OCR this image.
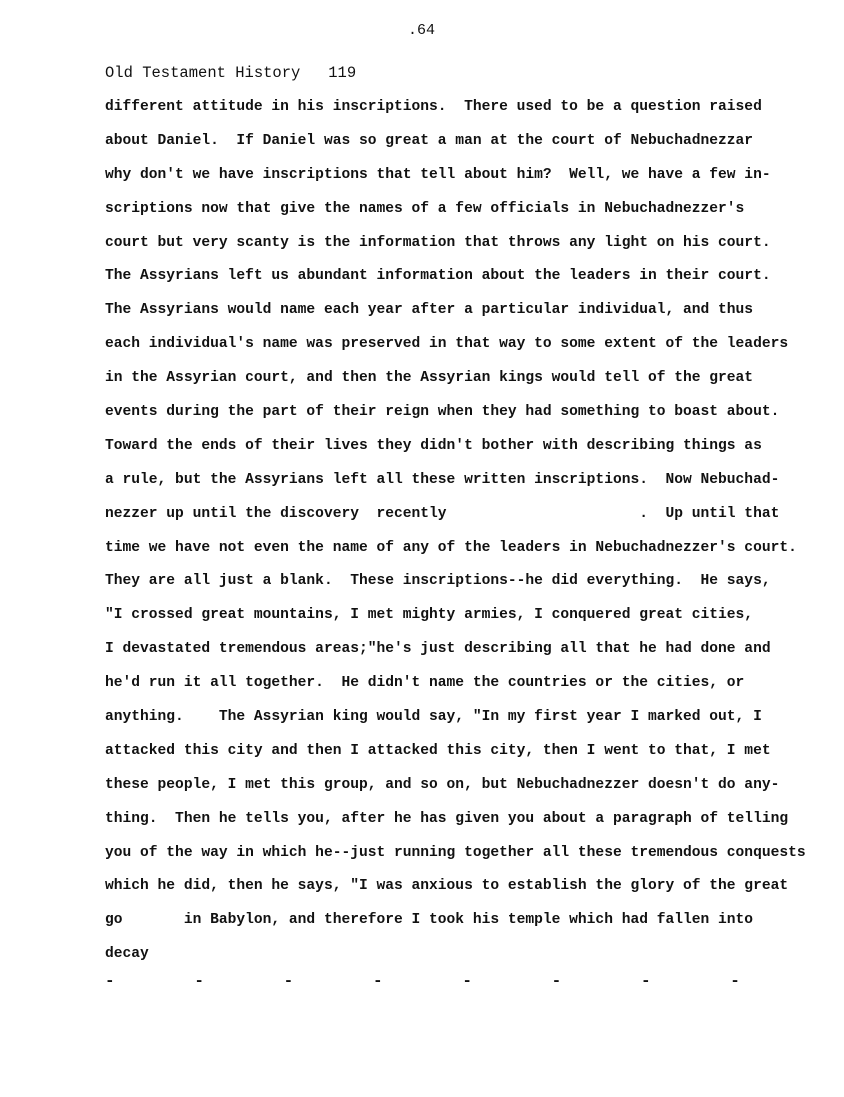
.64
Old Testament History 119
different attitude in his inscriptions.  There used to be a question raised
about Daniel.  If Daniel was so great a man at the court of Nebuchadnezzar
why don't we have inscriptions that tell about him?  Well, we have a few in-
scriptions now that give the names of a few officials in Nebuchadnezzer's
court but very scanty is the information that throws any light on his court.
The Assyrians left us abundant information about the leaders in their court.
The Assyrians would name each year after a particular individual, and thus
each individual's name was preserved in that way to some extent of the leaders
in the Assyrian court, and then the Assyrian kings would tell of the great
events during the part of their reign when they had something to boast about.
Toward the ends of their lives they didn't bother with describing things as
a rule, but the Assyrians left all these written inscriptions.  Now Nebuchad-
nezzer up until the discovery  recently                      .  Up until that
time we have not even the name of any of the leaders in Nebuchadnezzer's court.
They are all just a blank.  These inscriptions--he did everything.  He says,
"I crossed great mountains, I met mighty armies, I conquered great cities,
I devastated tremendous areas;"he's just describing all that he had done and
he'd run it all together.  He didn't name the countries or the cities, or
anything.    The Assyrian king would say, "In my first year I marked out, I
attacked this city and then I attacked this city, then I went to that, I met
these people, I met this group, and so on, but Nebuchadnezzer doesn't do any-
thing.  Then he tells you, after he has given you about a paragraph of telling
you of the way in which he--just running together all these tremendous conquests
which he did, then he says, "I was anxious to establish the glory of the great
go       in Babylon, and therefore I took his temple which had fallen into
decay
-	-	-	-	-	-	-	-
